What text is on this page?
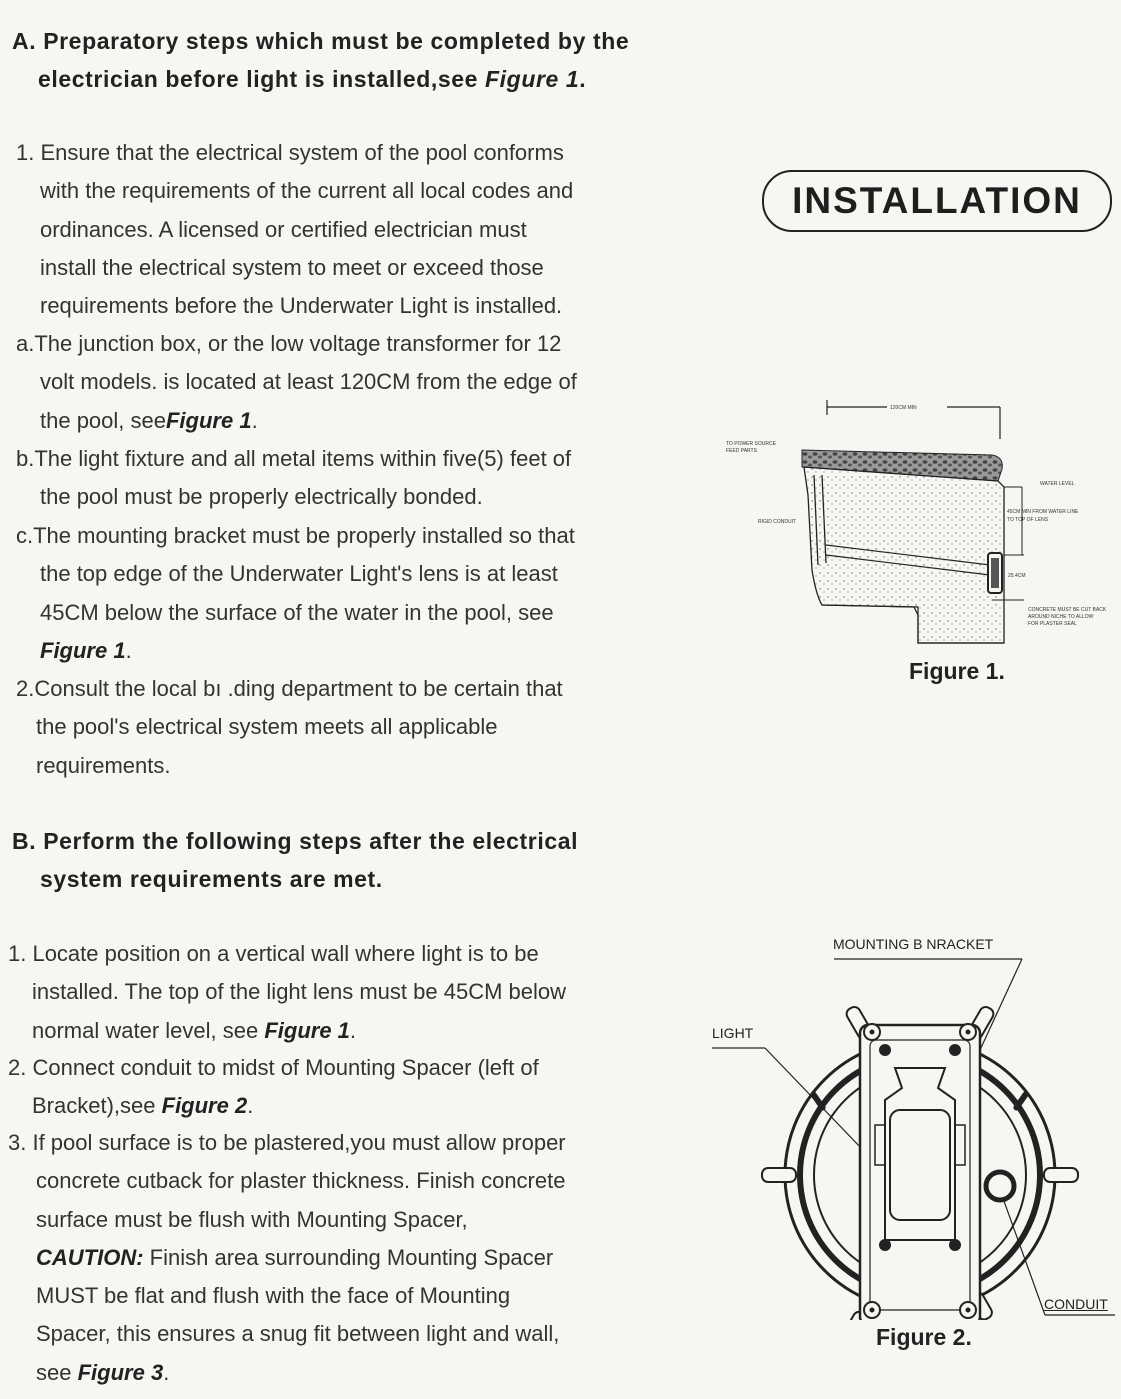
A. Preparatory steps which must be completed by the
electrician before light is installed,see Figure 1.
1. Ensure that the electrical system of the pool conforms
with the requirements of the current all local codes and
ordinances. A licensed or certified electrician must
install the electrical system to meet or exceed those
requirements before the Underwater Light is installed.
a.The junction box, or the low voltage transformer for 12
volt models. is located at least 120CM from the edge of
the pool, seeFigure 1.
b.The light fixture and all metal items within five(5) feet of
the pool must be properly electrically bonded.
c.The mounting bracket must be properly installed so that
the top edge of the Underwater Light's lens is at least
45CM below the surface of the water in the pool, see
Figure 1.
2.Consult the local bı .ding department to be certain that
the pool's electrical system meets all applicable
requirements.
B. Perform the following steps after the electrical
system requirements are met.
1. Locate position on a vertical wall where light is to be
installed. The top of the light lens must be 45CM below
normal water level, see Figure 1.
2. Connect conduit to midst of Mounting Spacer (left of
Bracket),see Figure 2.
3. If pool surface is to be plastered,you must allow proper
concrete cutback for plaster thickness. Finish concrete
surface must be flush with Mounting Spacer,
CAUTION: Finish area surrounding Mounting Spacer
MUST be flat and flush with the face of Mounting
Spacer, this ensures a snug fit between light and wall,
see Figure 3.
INSTALLATION
120CM MIN
TO POWER SOURCE
FEED PARTS
WATER LEVEL
RIGID CONDUIT
45CM MIN FROM WATER LINE
TO TOP OF LENS
25.4CM
CONCRETE MUST BE CUT BACK
AROUND NICHE TO ALLOW
FOR PLASTER SEAL
Figure 1.
MOUNTING B NRACKET
LIGHT
CONDUIT
Figure 2.
